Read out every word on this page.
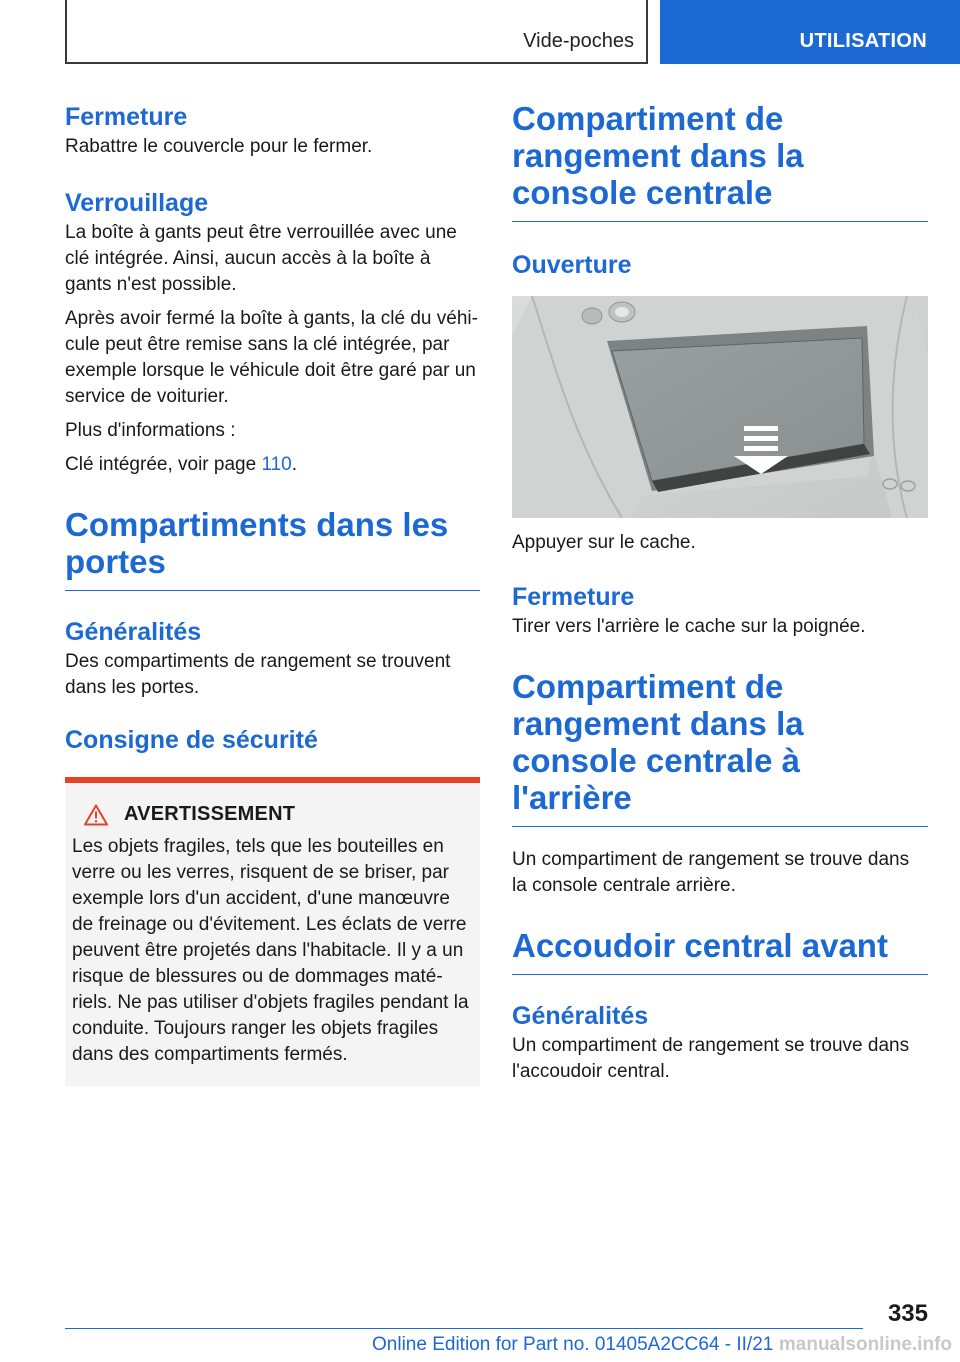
Vide-poches	UTILISATION
Fermeture

Rabattre le couvercle pour le fermer.

Verrouillage

La boîte à gants peut être verrouillée avec une clé intégrée. Ainsi, aucun accès à la boîte à gants n'est possible.

Après avoir fermé la boîte à gants, la clé du véhi‐cule peut être remise sans la clé intégrée, par exemple lorsque le véhicule doit être garé par un service de voiturier.

Plus d'informations :

Clé intégrée, voir page 110.

Compartiments dans les portes
Généralités

Des compartiments de rangement se trouvent dans les portes.

Consigne de sécurité
AVERTISSEMENT

Les objets fragiles, tels que les bouteilles en verre ou les verres, risquent de se briser, par exemple lors d'un accident, d'une manœuvre de freinage ou d'évitement. Les éclats de verre peuvent être projetés dans l'habitacle. Il y a un risque de blessures ou de dommages maté‐riels. Ne pas utiliser d'objets fragiles pendant la conduite. Toujours ranger les objets fragiles dans des compartiments fermés.

Compartiment de rangement dans la console centrale
Ouverture

Appuyer sur le cache.

Fermeture

Tirer vers l'arrière le cache sur la poignée.

Compartiment de rangement dans la console centrale à l'arrière

Un compartiment de rangement se trouve dans la console centrale arrière.

Accoudoir central avant
Généralités

Un compartiment de rangement se trouve dans l'accoudoir central.

335
Online Edition for Part no. 01405A2CC64 - II/21 manualsonline.info
